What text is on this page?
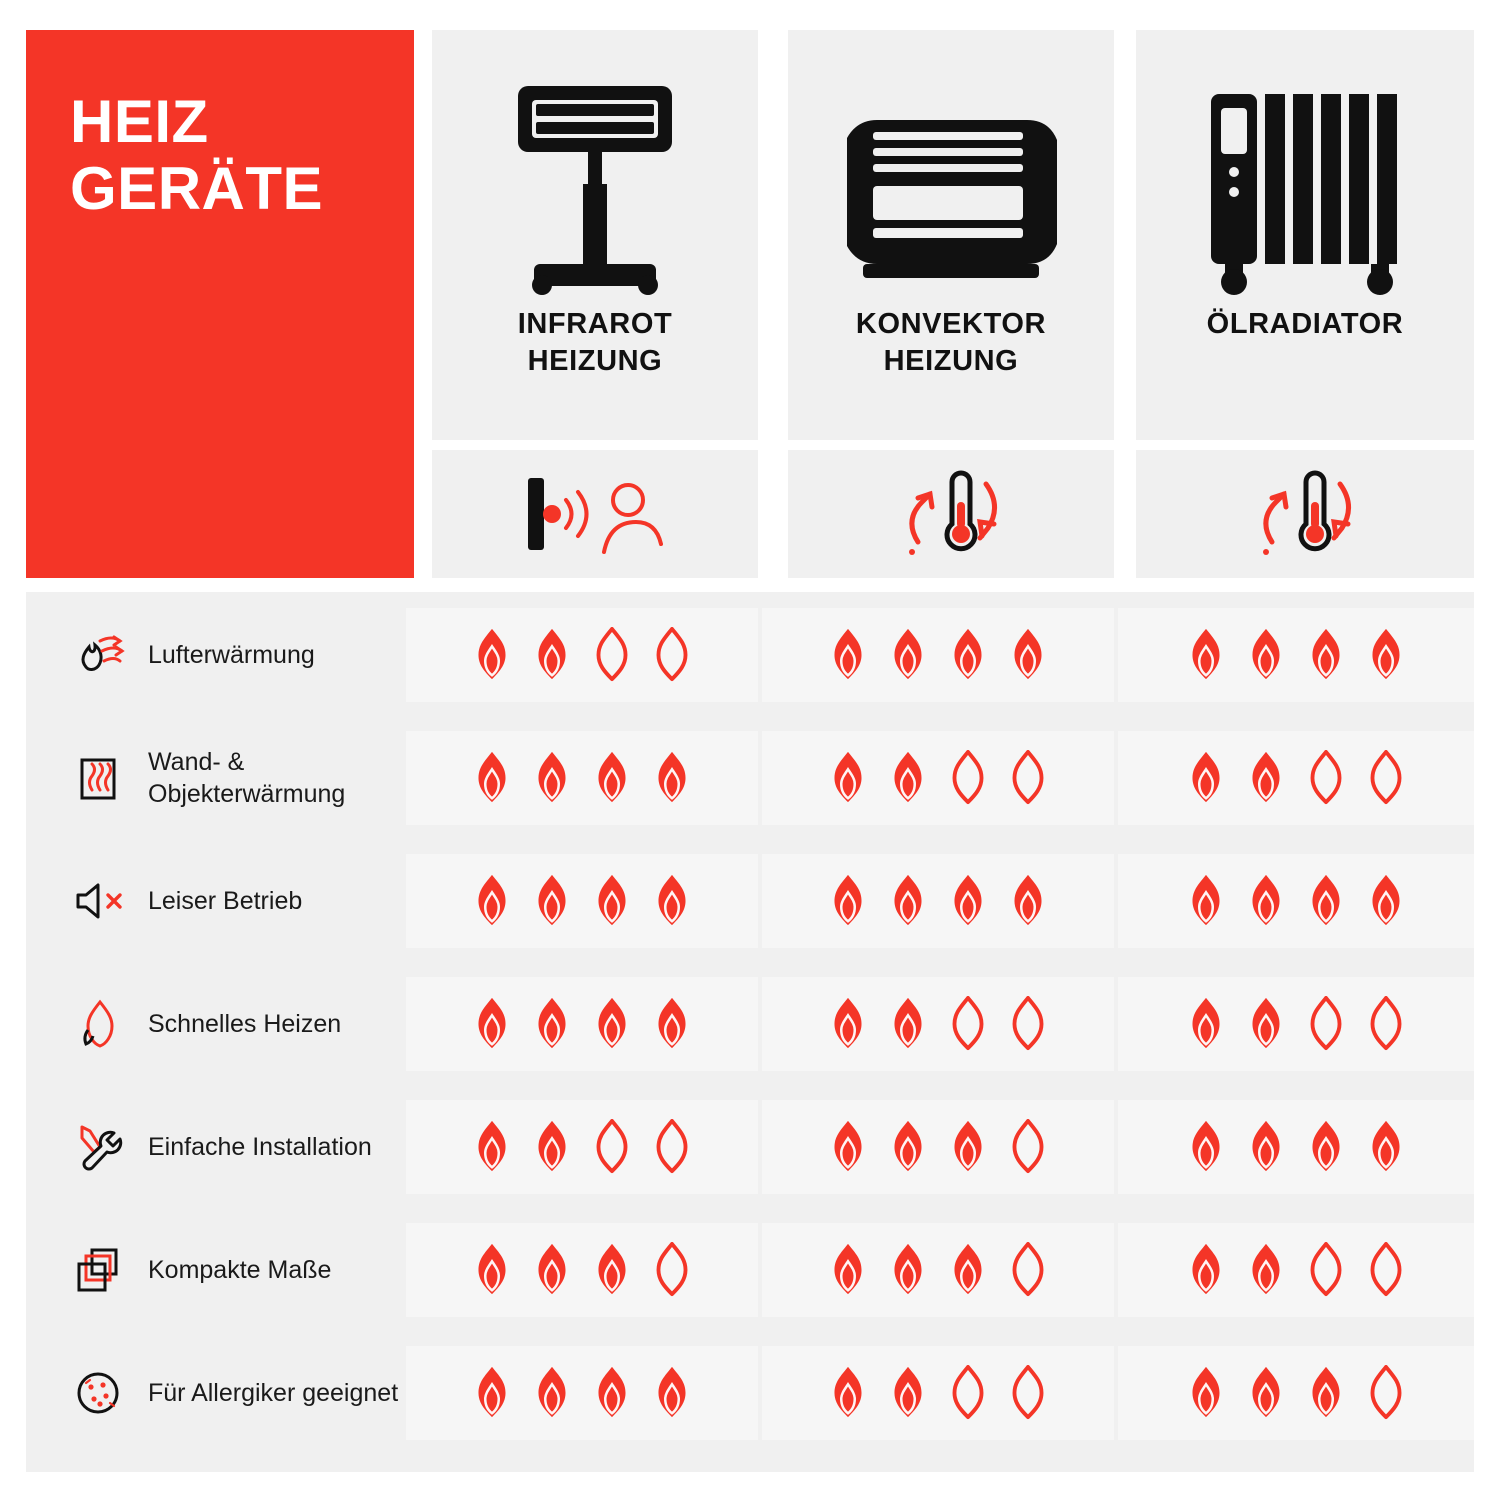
HEIZ
GERÄTE
INFRAROT
HEIZUNG
KONVEKTOR
HEIZUNG
ÖLRADIATOR
Lufterwärmung
Wand- & Objekterwärmung
Leiser Betrieb
Schnelles Heizen
Einfache Installation
Kompakte Maße
Für Allergiker geeignet
